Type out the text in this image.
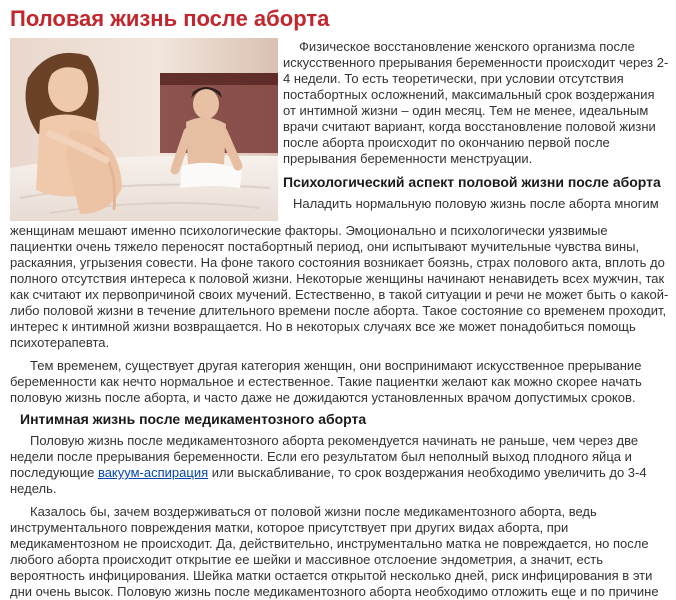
Половая жизнь после аборта

Физическое восстановление женского организма после искусственного прерывания беременности происходит через 2-4 недели. То есть теоретически, при условии отсутствия постабортных осложнений, максимальный срок воздержания от интимной жизни – один месяц. Тем не менее, идеальным врачи считают вариант, когда восстановление половой жизни после аборта происходит по окончанию первой после прерывания беременности менструации.

Психологический аспект половой жизни после аборта

Наладить нормальную половую жизнь после аборта многим

женщинам мешают именно психологические факторы. Эмоционально и психологически уязвимые пациентки очень тяжело переносят постабортный период, они испытывают мучительные чувства вины, раскаяния, угрызения совести. На фоне такого состояния возникает боязнь, страх полового акта, вплоть до полного отсутствия интереса к половой жизни. Некоторые женщины начинают ненавидеть всех мужчин, так как считают их первопричиной своих мучений. Естественно, в такой ситуации и речи не может быть о какой-либо половой жизни в течение длительного времени после аборта. Такое состояние со временем проходит, интерес к интимной жизни возвращается. Но в некоторых случаях все же может понадобиться помощь психотерапевта.

Тем временем, существует другая категория женщин, они воспринимают искусственное прерывание беременности как нечто нормальное и естественное. Такие пациентки желают как можно скорее начать половую жизнь после аборта, и часто даже не дожидаются установленных врачом допустимых сроков.

Интимная жизнь после медикаментозного аборта

Половую жизнь после медикаментозного аборта рекомендуется начинать не раньше, чем через две недели после прерывания беременности. Если его результатом был неполный выход плодного яйца и последующие вакуум-аспирация или выскабливание, то срок воздержания необходимо увеличить до 3-4 недель.

Казалось бы, зачем воздерживаться от половой жизни после медикаментозного аборта, ведь инструментального повреждения матки, которое присутствует при других видах аборта, при медикаментозном не происходит. Да, действительно, инструментально матка не повреждается, но после любого аборта происходит открытие ее шейки и массивное отслоение эндометрия, а значит, есть вероятность инфицирования. Шейка матки остается открытой несколько дней, риск инфицирования в эти дни очень высок. Половую жизнь после медикаментозного аборта необходимо отложить еще и по причине
